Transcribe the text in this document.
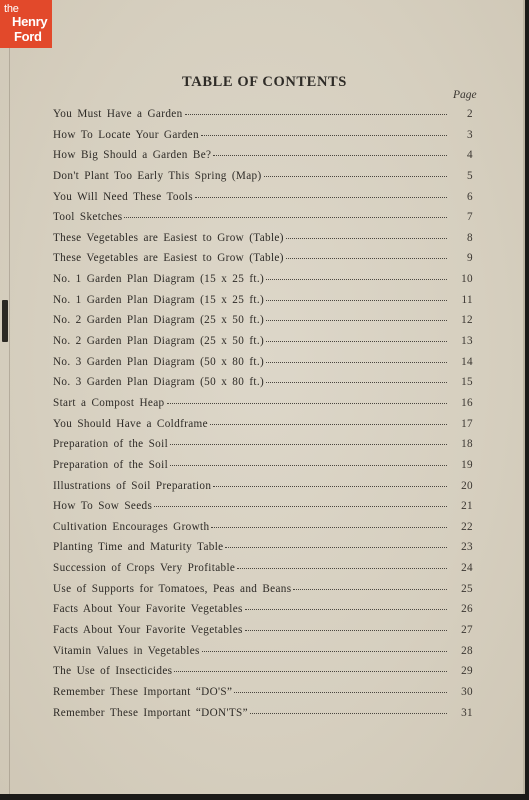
the
Henry
Ford
TABLE OF CONTENTS
Page
You Must Have a Garden	2
How To Locate Your Garden	3
How Big Should a Garden Be?	4
Don't Plant Too Early This Spring (Map)	5
You Will Need These Tools	6
Tool Sketches	7
These Vegetables are Easiest to Grow (Table)	8
These Vegetables are Easiest to Grow (Table)	9
No. 1 Garden Plan Diagram (15 x 25 ft.)	10
No. 1 Garden Plan Diagram (15 x 25 ft.)	11
No. 2 Garden Plan Diagram (25 x 50 ft.)	12
No. 2 Garden Plan Diagram (25 x 50 ft.)	13
No. 3 Garden Plan Diagram (50 x 80 ft.)	14
No. 3 Garden Plan Diagram (50 x 80 ft.)	15
Start a Compost Heap	16
You Should Have a Coldframe	17
Preparation of the Soil	18
Preparation of the Soil	19
Illustrations of Soil Preparation	20
How To Sow Seeds	21
Cultivation Encourages Growth	22
Planting Time and Maturity Table	23
Succession of Crops Very Profitable	24
Use of Supports for Tomatoes, Peas and Beans	25
Facts About Your Favorite Vegetables	26
Facts About Your Favorite Vegetables	27
Vitamin Values in Vegetables	28
The Use of Insecticides	29
Remember These Important “DO'S”	30
Remember These Important “DON'TS”	31
